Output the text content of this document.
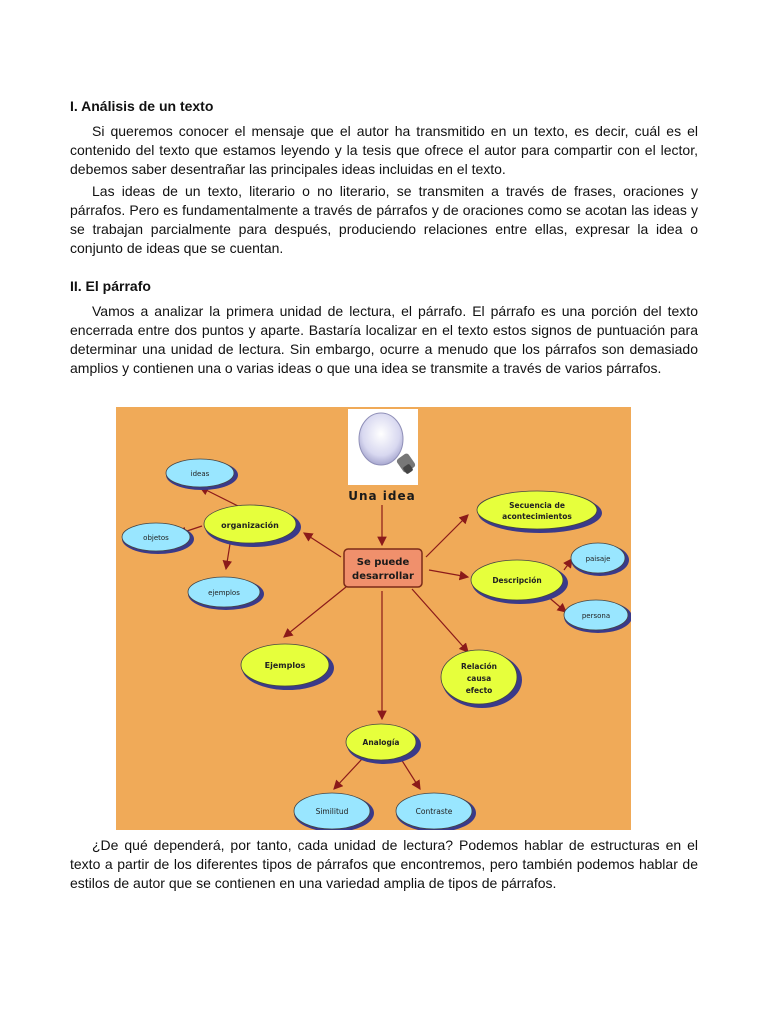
I. Análisis de un texto

Si queremos conocer el mensaje que el autor ha transmitido en un texto, es decir, cuál es el contenido del texto que estamos leyendo y la tesis que ofrece el autor para compartir con el lector, debemos saber desentrañar las principales ideas incluidas en el texto.

Las ideas de un texto, literario o no literario, se transmiten a través de frases, oraciones y párrafos. Pero es fundamentalmente a través de párrafos y de oraciones como se acotan las ideas y se trabajan parcialmente para después, produciendo relaciones entre ellas, expresar la idea o conjunto de ideas que se cuentan.

II. El párrafo

Vamos a analizar la primera unidad de lectura, el párrafo. El párrafo es una porción del texto encerrada entre dos puntos y aparte. Bastaría localizar en el texto estos signos de puntuación para determinar una unidad de lectura. Sin embargo, ocurre a menudo que los párrafos son demasiado amplios y contienen una o varias ideas o que una idea se transmite a través de varios párrafos.

¿De qué dependerá, por tanto, cada unidad de lectura? Podemos hablar de estructuras en el texto a partir de los diferentes tipos de párrafos que encontremos, pero también podemos hablar de estilos de autor que se contienen en una variedad amplia de tipos de párrafos.

Una idea
Se puede
desarrollar
organización
ideas
objetos
ejemplos
Secuencia de
acontecimientos
Descripción
paisaje
persona
Ejemplos	Relación
causa
efecto
Analogía
Similitud	Contraste
